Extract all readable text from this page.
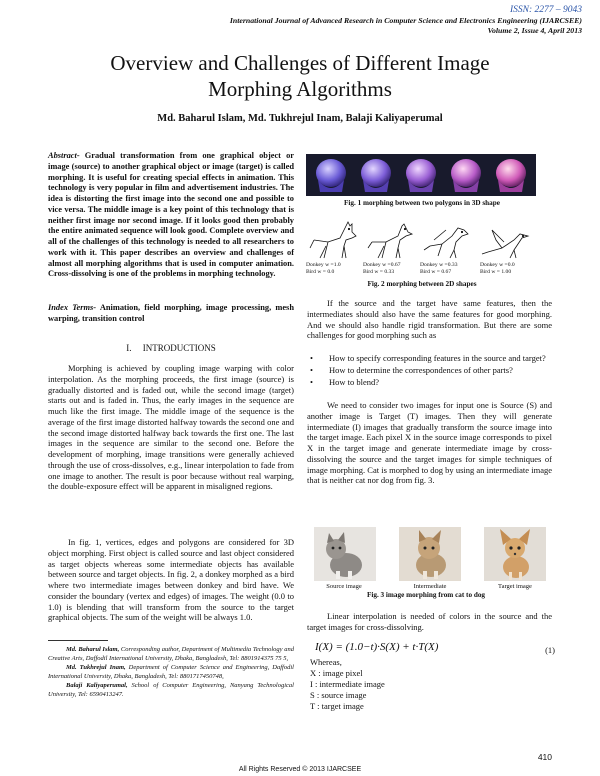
ISSN: 2277 – 9043
International Journal of Advanced Research in Computer Science and Electronics Engineering (IJARCSEE)
Volume 2, Issue 4, April 2013
Overview and Challenges of Different Image
Morphing Algorithms
Md. Baharul Islam, Md. Tukhrejul Inam, Balaji Kaliyaperumal
Abstract- Gradual transformation from one graphical object or image (source) to another graphical object or image (target) is called morphing. It is useful for creating special effects in animation. This technology is very popular in film and advertisement industries. The idea is distorting the first image into the second one and possible to vice versa. The middle image is a key point of this technology that is neither first image nor second image. If it looks good then probably the entire animated sequence will look good. Complete overview and all of the challenges of this technology is needed to all researchers to work with it. This paper describes an overview and challenges of almost all morphing algorithms that is used in computer animation. Cross-dissolving is one of the problems in morphing technology.
Index Terms- Animation, field morphing, image processing, mesh warping, transition control
I.  INTRODUCTIONS

Morphing is achieved by coupling image warping with color interpolation. As the morphing proceeds, the first image (source) is gradually distorted and is faded out, while the second image (target) starts out and is faded in. Thus, the early images in the sequence are much like the first image. The middle image of the sequence is the average of the first image distorted halfway towards the second one and the second image distorted halfway back towards the first one. The last images in the sequence are similar to the second one. Before the development of morphing, image transitions were generally achieved through the use of cross-dissolves, e.g., linear interpolation to fade from one image to another. The result is poor because without real warping, the double-exposure effect will be apparent in misaligned regions.

In fig. 1, vertices, edges and polygons are considered for 3D object morphing. First object is called source and last object considered as target objects whereas some intermediate objects has available between source and target objects. In fig. 2, a donkey morphed as a bird where two intermediate images between donkey and bird have. We consider the boundary (vertex and edges) of images. The weight (0.0 to 1.0) is blending that will transform from the source to the target graphical objects. The sum of the weight will be always 1.0.

Md. Baharul Islam, Corresponding author, Department of Multimedia Technology and Creative Arts, Daffodil International University, Dhaka, Bangladesh, Tel: 8801914375 75 5,

Md. Tukhrejul Inam, Department of Computer Science and Engineering, Daffodil International University, Dhaka, Bangladesh, Tel: 8801717450748,

Balaji Kaliyaperumal, School of Computer Engineering, Nanyang Technological University, Tel: 6590413247.

Fig. 1 morphing between two polygons in 3D shape
Donkey w =1.0
Bird w = 0.0
Donkey w =0.67
Bird w = 0.33
Donkey w =0.33
Bird w = 0.67
Donkey w =0.0
Bird w = 1.00
Fig. 2 morphing between 2D shapes

If the source and the target have same features, then the intermediates should also have the same features for good morphing. And we should also handle rigid transformation. But there are some challenges for good morphing such as

• How to specify corresponding features in the source and target?
• How to determine the correspondences of other parts?
• How to blend?

We need to consider two images for input one is Source (S) and another image is Target (T) images. Then they will generate intermediate (I) images that gradually transform the source image into the target image. Each pixel X in the source image corresponds to pixel X in the target image and generate intermediate image by cross-dissolving the source and the target images for simple techniques of image morphing. Cat is morphed to dog by using an intermediate image that is neither cat nor dog from fig. 3.

Source image	Intermediate	Target image
Fig. 3 image morphing from cat to dog

Linear interpolation is needed of colors in the source and the target images for cross-dissolving.

I(X) = (1.0−t)·S(X) + t·T(X)	(1)
Whereas,
X : image pixel
I : intermediate image
S : source image
T : target image
410
All Rights Reserved © 2013 IJARCSEE
